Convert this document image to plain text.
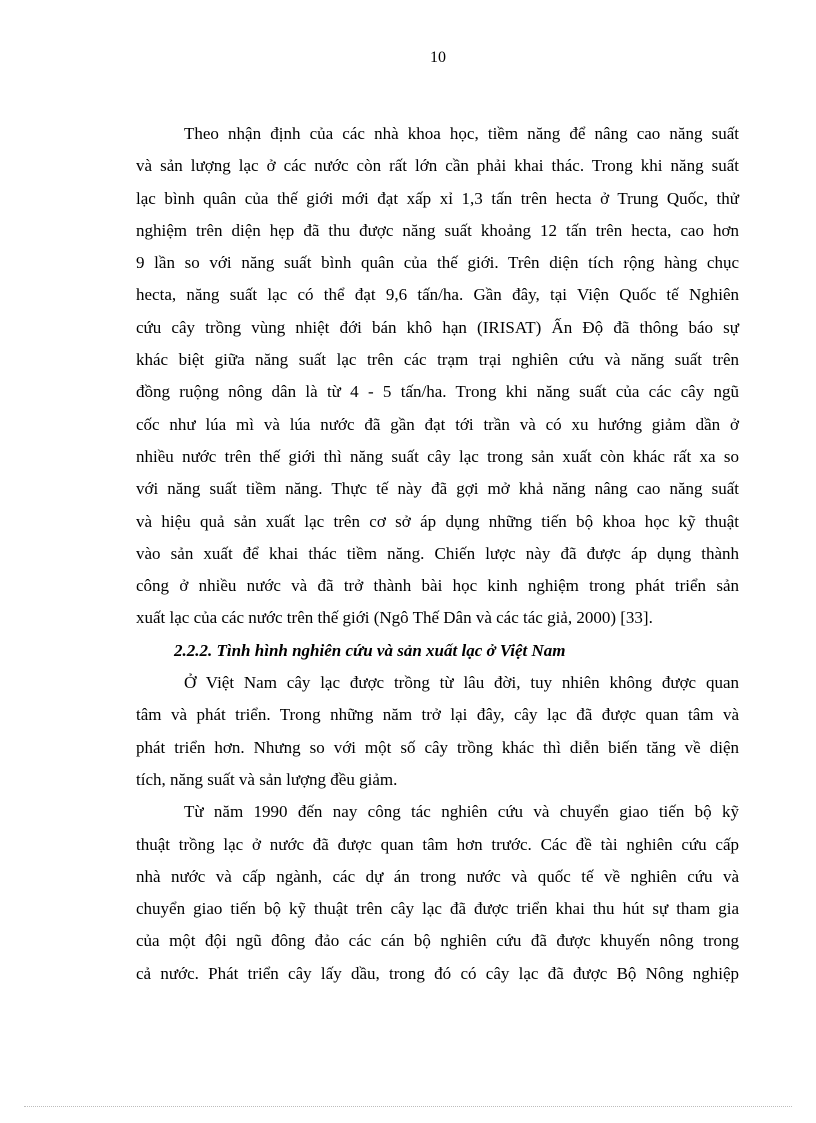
10

Theo nhận định của các nhà khoa học, tiềm năng để nâng cao năng suất
và sản lượng lạc ở các nước còn rất lớn cần phải khai thác. Trong khi năng suất
lạc bình quân của thế giới mới đạt xấp xỉ 1,3 tấn trên hecta ở Trung Quốc, thử
nghiệm trên diện hẹp đã thu được năng suất khoảng 12 tấn trên hecta, cao hơn
9 lần so với năng suất bình quân của thế giới. Trên diện tích rộng hàng chục
hecta, năng suất lạc có thể đạt 9,6 tấn/ha. Gần đây, tại Viện Quốc tế Nghiên
cứu cây trồng vùng nhiệt đới bán khô hạn (IRISAT) Ấn Độ đã thông báo sự
khác biệt giữa năng suất lạc trên các trạm trại nghiên cứu và năng suất trên
đồng ruộng nông dân là từ 4 - 5 tấn/ha. Trong khi năng suất của các cây ngũ
cốc như lúa mì và lúa nước đã gần đạt tới trần và có xu hướng giảm dần ở
nhiều nước trên thế giới thì năng suất cây lạc trong sản xuất còn khác rất xa so
với năng suất tiềm năng. Thực tế này đã gợi mở khả năng nâng cao năng suất
và hiệu quả sản xuất lạc trên cơ sở áp dụng những tiến bộ khoa học kỹ thuật
vào sản xuất để khai thác tiềm năng. Chiến lược này đã được áp dụng thành
công ở nhiều nước và đã trở thành bài học kinh nghiệm trong phát triển sản
xuất lạc của các nước trên thế giới (Ngô Thế Dân và các tác giả, 2000) [33].

2.2.2. Tình hình nghiên cứu và sản xuất lạc ở Việt Nam

Ở Việt Nam cây lạc được trồng từ lâu đời, tuy nhiên không được quan
tâm và phát triển. Trong những năm trở lại đây, cây lạc đã được quan tâm và
phát triển hơn. Nhưng so với một số cây trồng khác thì diễn biến tăng về diện
tích, năng suất và sản lượng đều giảm.

Từ năm 1990 đến nay công tác nghiên cứu và chuyển giao tiến bộ kỹ
thuật trồng lạc ở nước đã được quan tâm hơn trước. Các đề tài nghiên cứu cấp
nhà nước và cấp ngành, các dự án trong nước và quốc tế về nghiên cứu và
chuyển giao tiến bộ kỹ thuật trên cây lạc đã được triển khai thu hút sự tham gia
của một đội ngũ đông đảo các cán bộ nghiên cứu đã được khuyến nông trong
cả nước. Phát triển cây lấy dầu, trong đó có cây lạc đã được Bộ Nông nghiệp
